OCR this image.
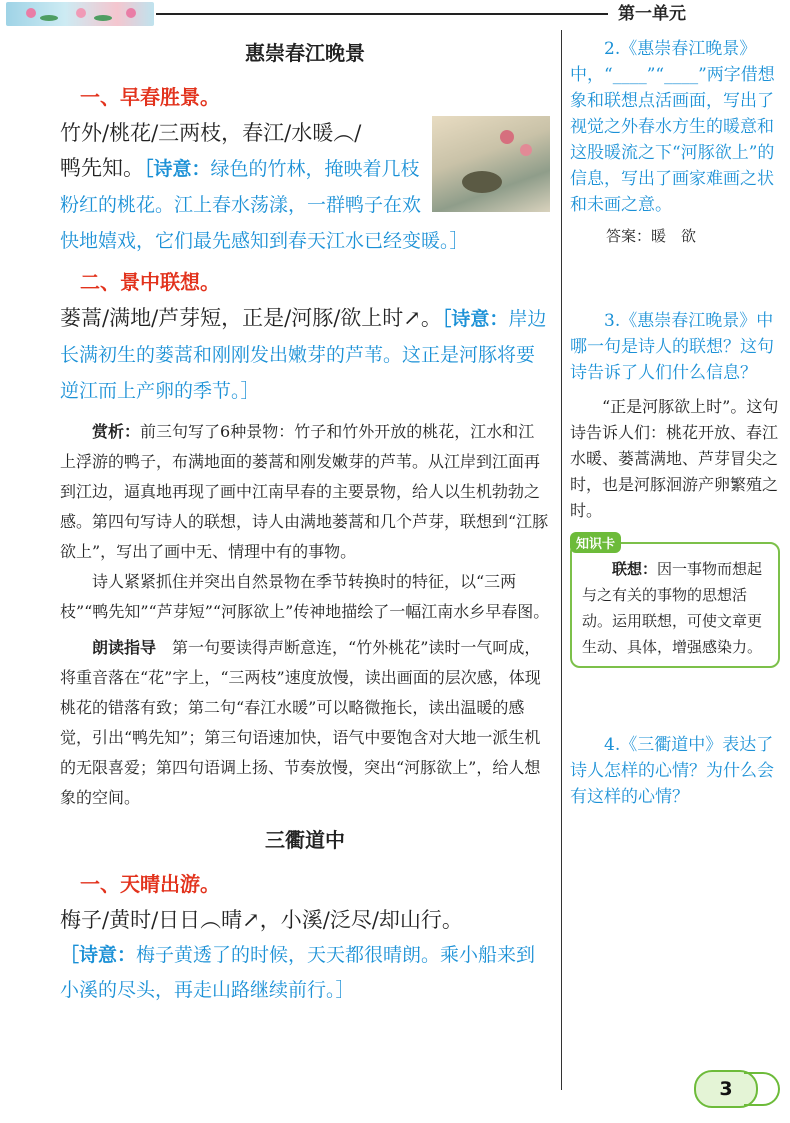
第一单元
惠崇春江晚景
一、早春胜景。
竹外/桃花/三两枝，春江/水暖︵/
鸭先知。［诗意：绿色的竹林，掩映着几枝粉红的桃花。江上春水荡漾，一群鸭子在欢快地嬉戏，它们最先感知到春天江水已经变暖。］
二、景中联想。
蒌蒿/满地/芦芽短，正是/河豚/欲上时↗。［诗意：岸边长满初生的蒌蒿和刚刚发出嫩芽的芦苇。这正是河豚将要逆江而上产卵的季节。］

赏析：前三句写了6种景物：竹子和竹外开放的桃花，江水和江上浮游的鸭子，布满地面的蒌蒿和刚发嫩芽的芦苇。从江岸到江面再到江边，逼真地再现了画中江南早春的主要景物，给人以生机勃勃之感。第四句写诗人的联想，诗人由满地蒌蒿和几个芦芽，联想到“江豚欲上”，写出了画中无、情理中有的事物。

诗人紧紧抓住并突出自然景物在季节转换时的特征，以“三两枝”“鸭先知”“芦芽短”“河豚欲上”传神地描绘了一幅江南水乡早春图。

朗读指导　第一句要读得声断意连，“竹外桃花”读时一气呵成，将重音落在“花”字上，“三两枝”速度放慢，读出画面的层次感，体现桃花的错落有致；第二句“春江水暖”可以略微拖长，读出温暖的感觉，引出“鸭先知”；第三句语速加快，语气中要饱含对大地一派生机的无限喜爱；第四句语调上扬、节奏放慢，突出“河豚欲上”，给人想象的空间。

三衢道中
一、天晴出游。
梅子/黄时/日日︵晴↗，小溪/泛尽/却山行。
［诗意：梅子黄透了的时候，天天都很晴朗。乘小船来到小溪的尽头，再走山路继续前行。］

2.《惠崇春江晚景》中，“____”“____”两字借想象和联想点活画面，写出了视觉之外春水方生的暖意和这股暖流之下“河豚欲上”的信息，写出了画家难画之状和未画之意。

答案：暖　欲

3.《惠崇春江晚景》中哪一句是诗人的联想？这句诗告诉了人们什么信息？

“正是河豚欲上时”。这句诗告诉人们：桃花开放、春江水暖、蒌蒿满地、芦芽冒尖之时，也是河豚洄游产卵繁殖之时。

知识卡

联想：因一事物而想起与之有关的事物的思想活动。运用联想，可使文章更生动、具体，增强感染力。

4.《三衢道中》表达了诗人怎样的心情？为什么会有这样的心情？

3
